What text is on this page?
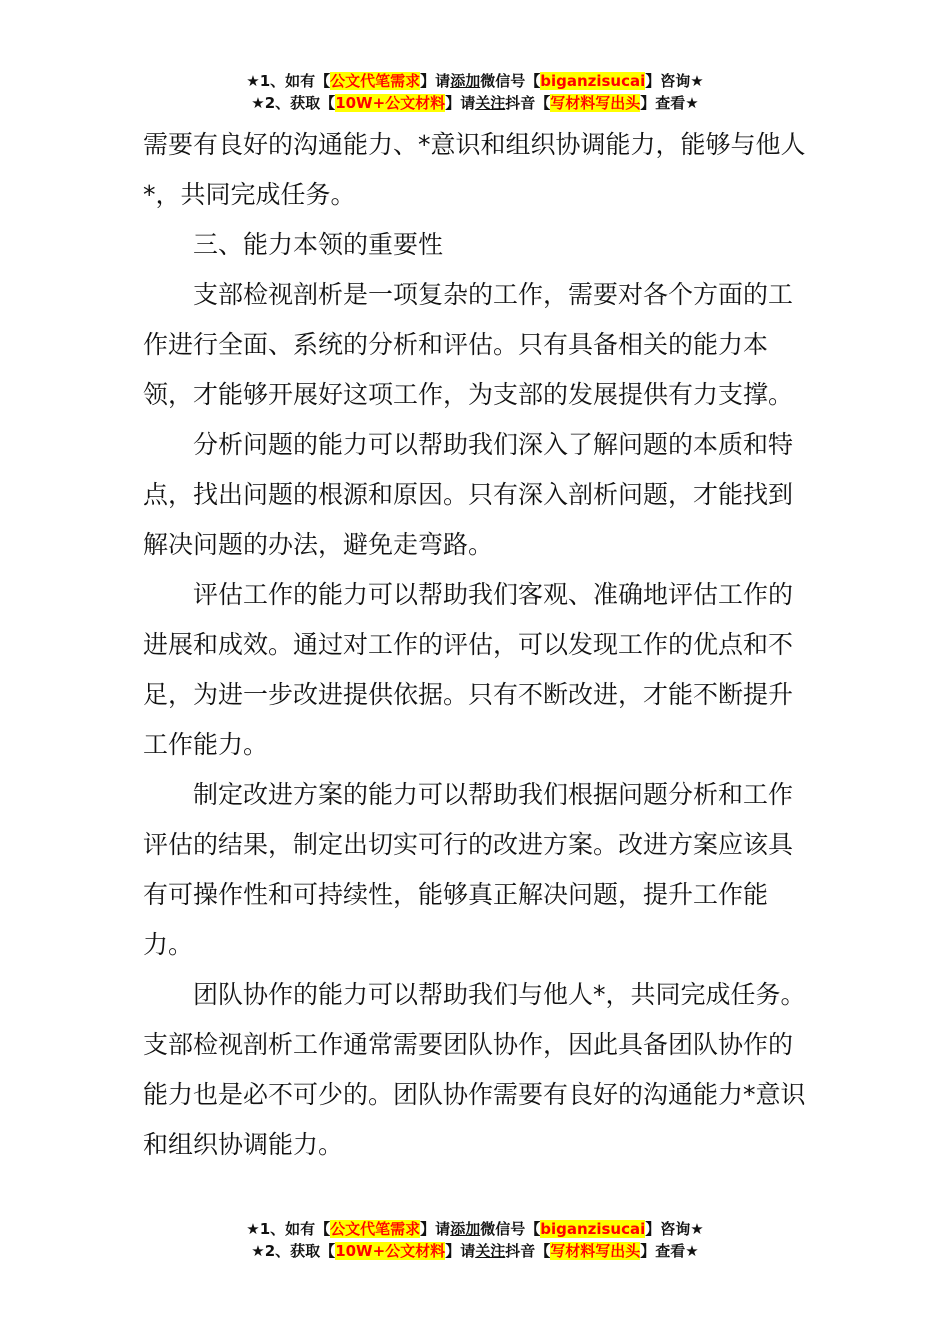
★1、如有【公文代笔需求】请添加微信号【biganzisucai】咨询★
★2、获取【10W+公文材料】请关注抖音【写材料写出头】查看★

需要有良好的沟通能力、*意识和组织协调能力，能够与他人*，共同完成任务。

三、能力本领的重要性

支部检视剖析是一项复杂的工作，需要对各个方面的工作进行全面、系统的分析和评估。只有具备相关的能力本领，才能够开展好这项工作，为支部的发展提供有力支撑。

分析问题的能力可以帮助我们深入了解问题的本质和特点，找出问题的根源和原因。只有深入剖析问题，才能找到解决问题的办法，避免走弯路。

评估工作的能力可以帮助我们客观、准确地评估工作的进展和成效。通过对工作的评估，可以发现工作的优点和不足，为进一步改进提供依据。只有不断改进，才能不断提升工作能力。

制定改进方案的能力可以帮助我们根据问题分析和工作评估的结果，制定出切实可行的改进方案。改进方案应该具有可操作性和可持续性，能够真正解决问题，提升工作能力。

团队协作的能力可以帮助我们与他人*，共同完成任务。支部检视剖析工作通常需要团队协作，因此具备团队协作的能力也是必不可少的。团队协作需要有良好的沟通能力*意识和组织协调能力。

★1、如有【公文代笔需求】请添加微信号【biganzisucai】咨询★
★2、获取【10W+公文材料】请关注抖音【写材料写出头】查看★
